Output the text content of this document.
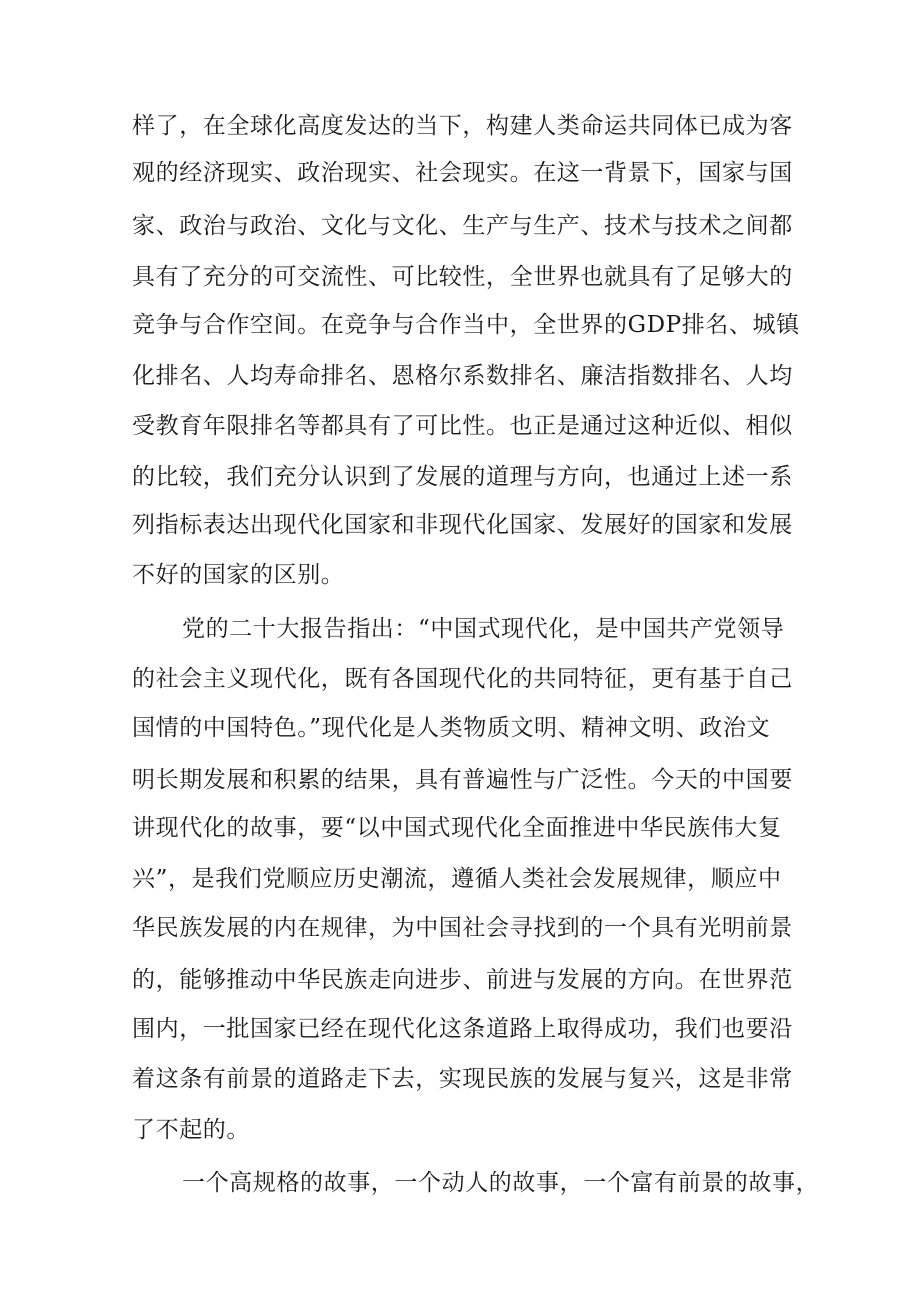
样了，在全球化高度发达的当下，构建人类命运共同体已成为客
观的经济现实、政治现实、社会现实。在这一背景下，国家与国
家、政治与政治、文化与文化、生产与生产、技术与技术之间都
具有了充分的可交流性、可比较性，全世界也就具有了足够大的
竞争与合作空间。在竞争与合作当中，全世界的GDP排名、城镇
化排名、人均寿命排名、恩格尔系数排名、廉洁指数排名、人均
受教育年限排名等都具有了可比性。也正是通过这种近似、相似
的比较，我们充分认识到了发展的道理与方向，也通过上述一系
列指标表达出现代化国家和非现代化国家、发展好的国家和发展
不好的国家的区别。
党的二十大报告指出：“中国式现代化，是中国共产党领导
的社会主义现代化，既有各国现代化的共同特征，更有基于自己
国情的中国特色。”现代化是人类物质文明、精神文明、政治文
明长期发展和积累的结果，具有普遍性与广泛性。今天的中国要
讲现代化的故事，要“以中国式现代化全面推进中华民族伟大复
兴”，是我们党顺应历史潮流，遵循人类社会发展规律，顺应中
华民族发展的内在规律，为中国社会寻找到的一个具有光明前景
的，能够推动中华民族走向进步、前进与发展的方向。在世界范
围内，一批国家已经在现代化这条道路上取得成功，我们也要沿
着这条有前景的道路走下去，实现民族的发展与复兴，这是非常
了不起的。
一个高规格的故事，一个动人的故事，一个富有前景的故事，
